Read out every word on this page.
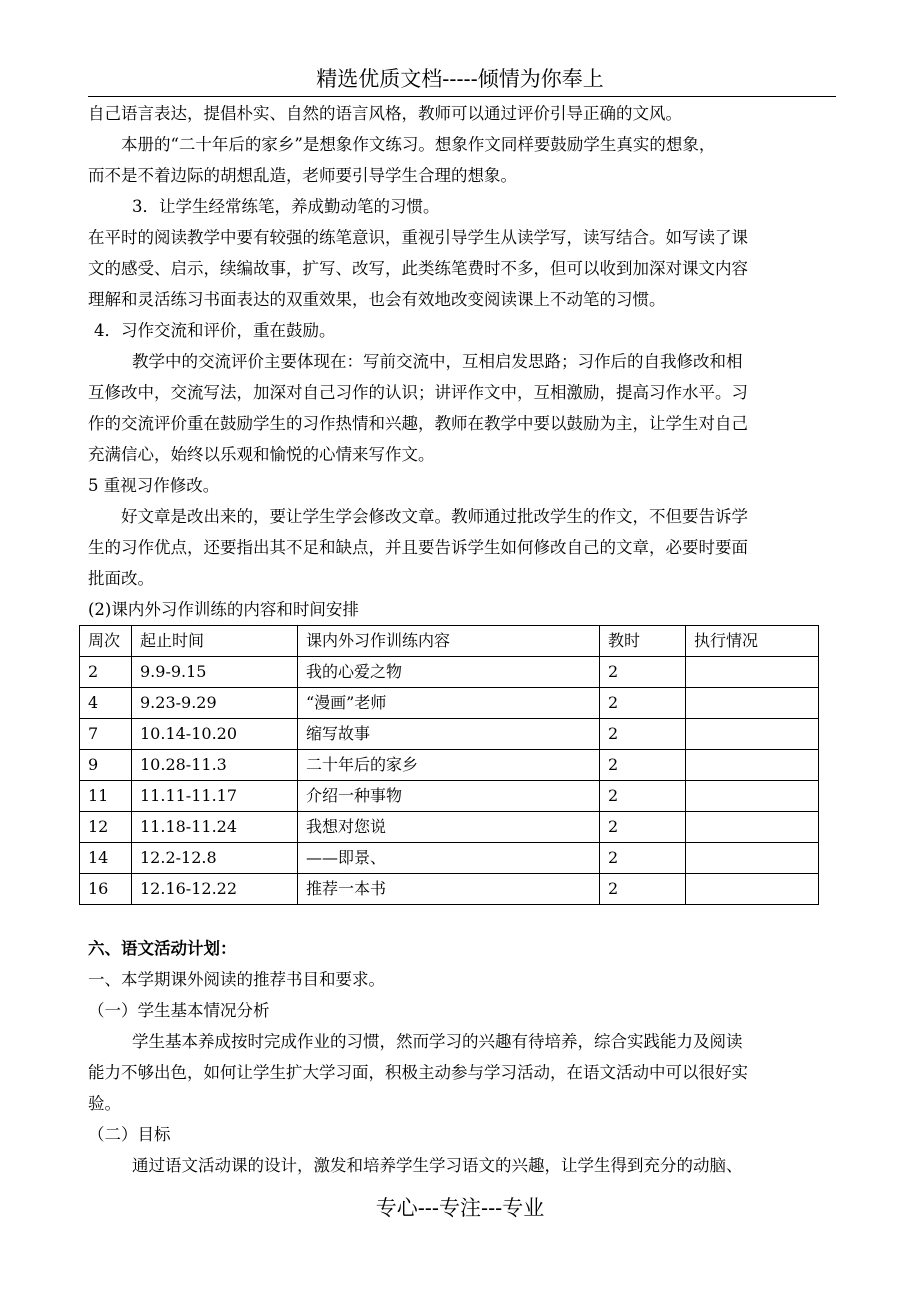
精选优质文档-----倾情为你奉上

自己语言表达，提倡朴实、自然的语言风格，教师可以通过评价引导正确的文风。

本册的“二十年后的家乡”是想象作文练习。想象作文同样要鼓励学生真实的想象，

而不是不着边际的胡想乱造，老师要引导学生合理的想象。

3．让学生经常练笔，养成勤动笔的习惯。

在平时的阅读教学中要有较强的练笔意识，重视引导学生从读学写，读写结合。如写读了课

文的感受、启示，续编故事，扩写、改写，此类练笔费时不多，但可以收到加深对课文内容

理解和灵活练习书面表达的双重效果，也会有效地改变阅读课上不动笔的习惯。

4．习作交流和评价，重在鼓励。

教学中的交流评价主要体现在：写前交流中，互相启发思路；习作后的自我修改和相

互修改中，交流写法，加深对自己习作的认识；讲评作文中，互相激励，提高习作水平。习

作的交流评价重在鼓励学生的习作热情和兴趣，教师在教学中要以鼓励为主，让学生对自己

充满信心，始终以乐观和愉悦的心情来写作文。

5 重视习作修改。

好文章是改出来的，要让学生学会修改文章。教师通过批改学生的作文，不但要告诉学

生的习作优点，还要指出其不足和缺点，并且要告诉学生如何修改自己的文章，必要时要面

批面改。

(2)课内外习作训练的内容和时间安排

周次	起止时间	课内外习作训练内容	教时	执行情况
2	9.9-9.15	我的心爱之物	2	
4	9.23-9.29	“漫画”老师	2	
7	10.14-10.20	缩写故事	2	
9	10.28-11.3	二十年后的家乡	2	
11	11.11-11.17	介绍一种事物	2	
12	11.18-11.24	我想对您说	2	
14	12.2-12.8	——即景、	2	
16	12.16-12.22	推荐一本书	2	

六、语文活动计划：

一、本学期课外阅读的推荐书目和要求。

（一）学生基本情况分析

学生基本养成按时完成作业的习惯，然而学习的兴趣有待培养，综合实践能力及阅读

能力不够出色，如何让学生扩大学习面，积极主动参与学习活动，在语文活动中可以很好实

验。

（二）目标

通过语文活动课的设计，激发和培养学生学习语文的兴趣，让学生得到充分的动脑、

专心---专注---专业
